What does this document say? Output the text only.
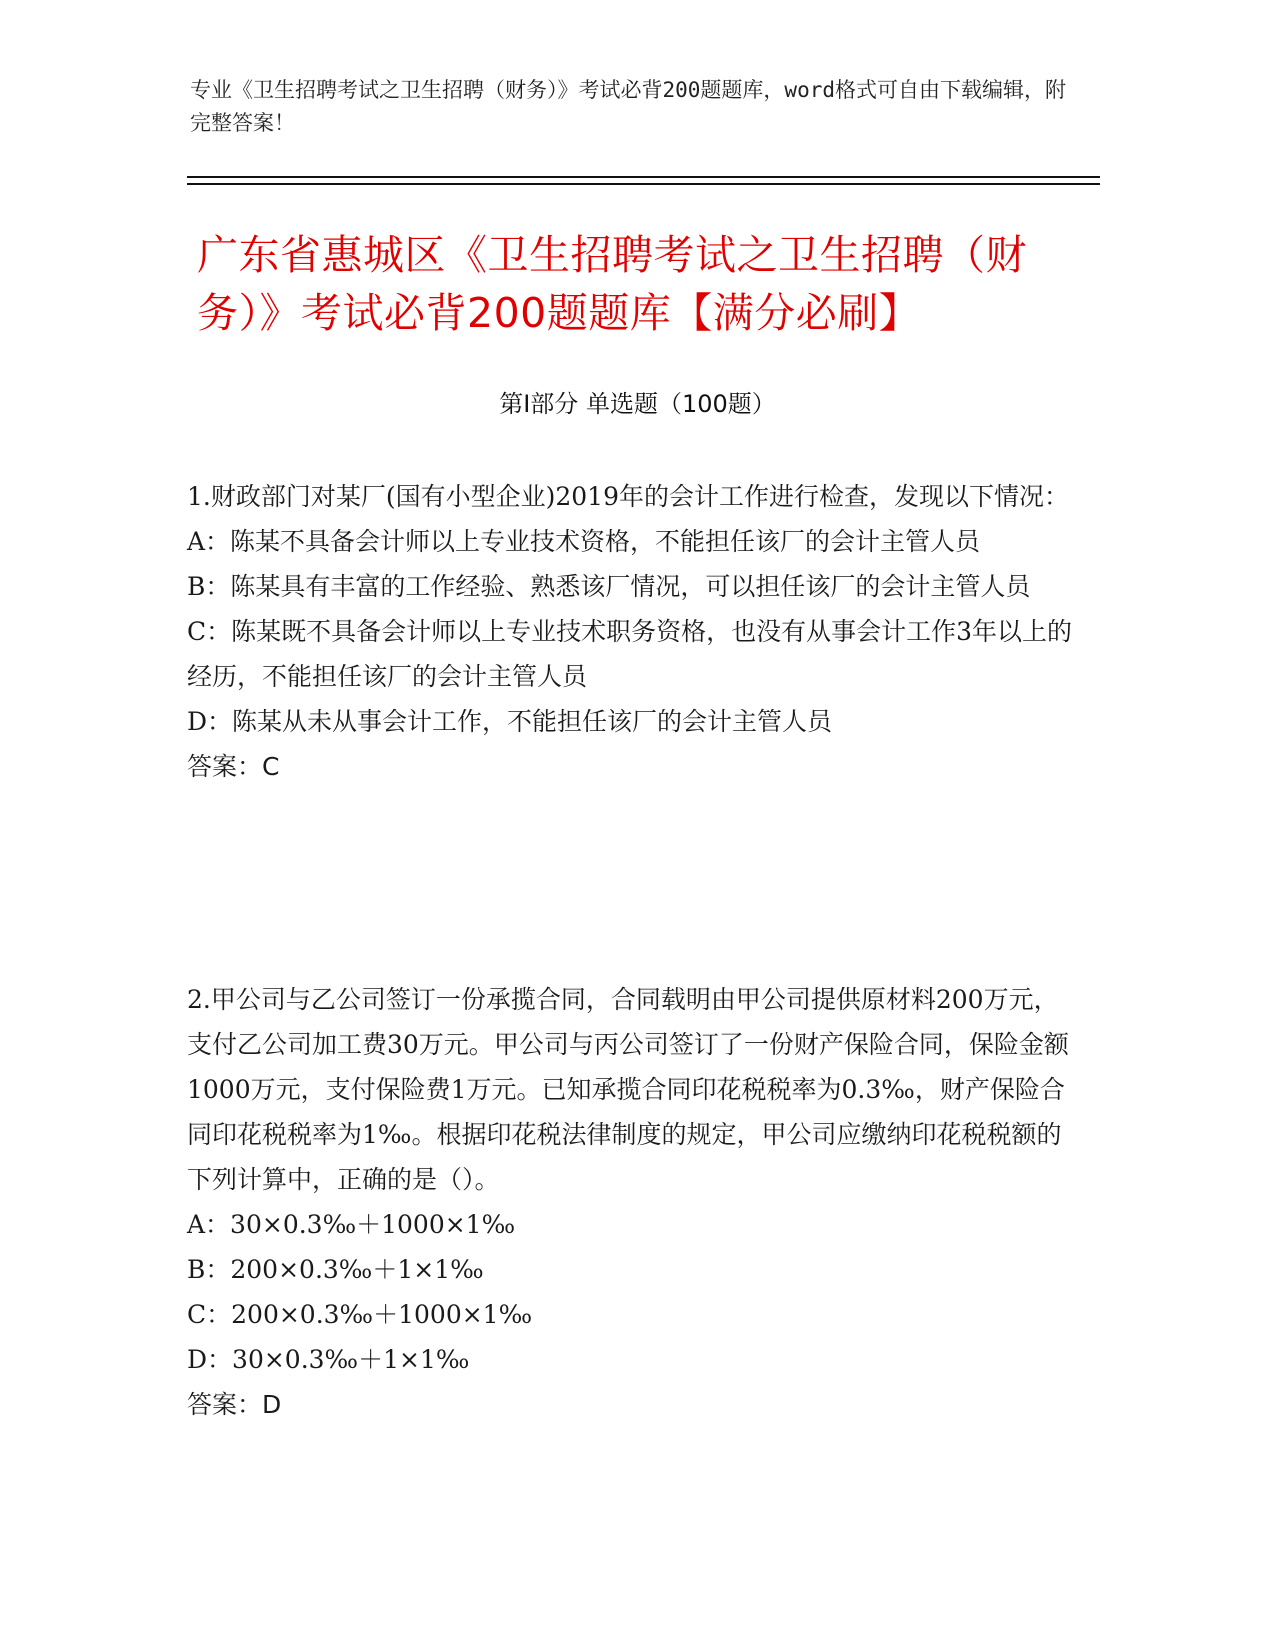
专业《卫生招聘考试之卫生招聘（财务）》考试必背200题题库，word格式可自由下载编辑，附完整答案！

广东省惠城区《卫生招聘考试之卫生招聘（财务）》考试必背200题题库【满分必刷】
第Ⅰ部分 单选题（100题）

1.财政部门对某厂(国有小型企业)2019年的会计工作进行检查，发现以下情况：

A：陈某不具备会计师以上专业技术资格，不能担任该厂的会计主管人员

B：陈某具有丰富的工作经验、熟悉该厂情况，可以担任该厂的会计主管人员

C：陈某既不具备会计师以上专业技术职务资格，也没有从事会计工作3年以上的经历，不能担任该厂的会计主管人员

D：陈某从未从事会计工作，不能担任该厂的会计主管人员

答案：C

2.甲公司与乙公司签订一份承揽合同，合同载明由甲公司提供原材料200万元，支付乙公司加工费30万元。甲公司与丙公司签订了一份财产保险合同，保险金额1000万元，支付保险费1万元。已知承揽合同印花税税率为0.3‰，财产保险合同印花税税率为1‰。根据印花税法律制度的规定，甲公司应缴纳印花税税额的下列计算中，正确的是（）。

A：30×0.3‰＋1000×1‰

B：200×0.3‰＋1×1‰

C：200×0.3‰＋1000×1‰

D：30×0.3‰＋1×1‰

答案：D
